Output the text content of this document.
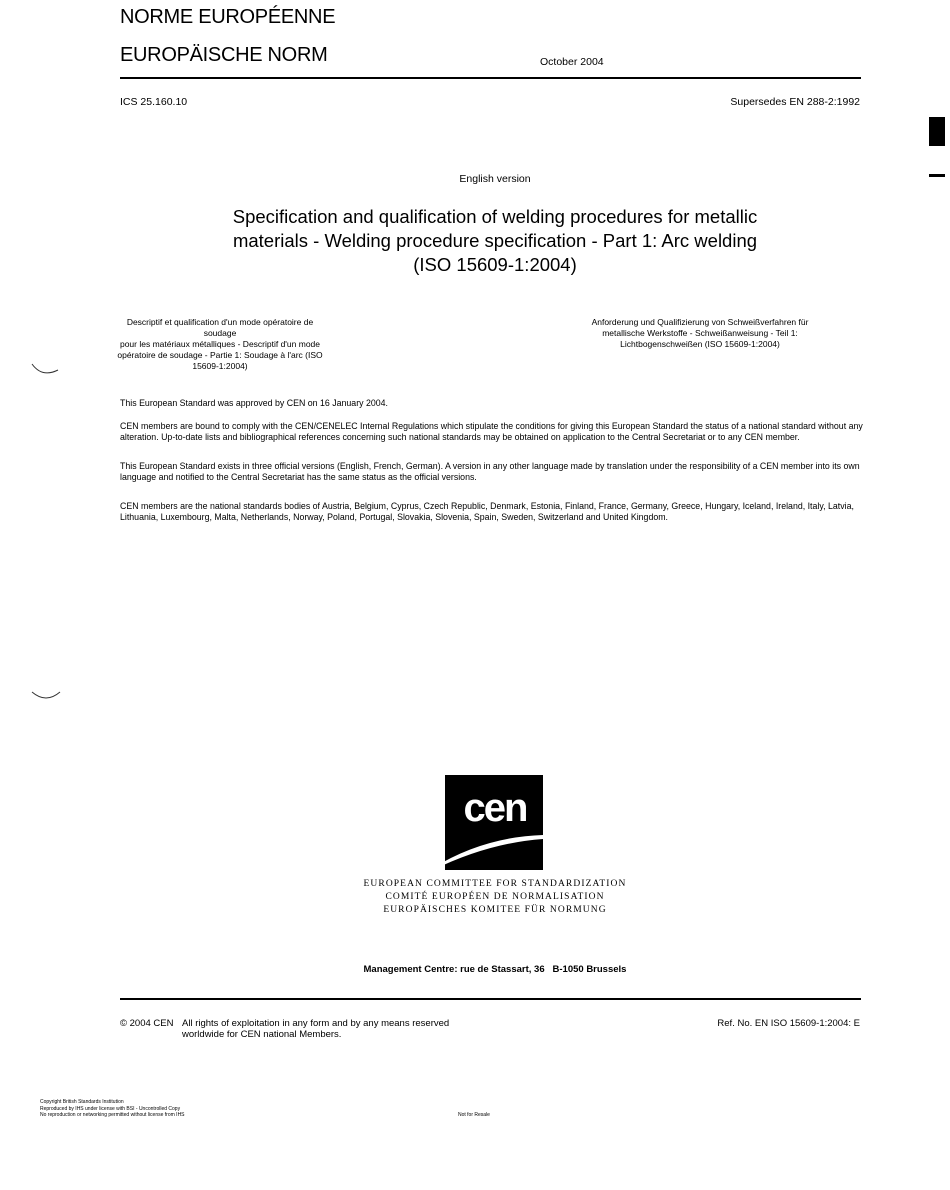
NORME EUROPÉENNE
EUROPÄISCHE NORM	October 2004
ICS 25.160.10	Supersedes EN 288-2:1992
English version
Specification and qualification of welding procedures for metallic
materials - Welding procedure specification - Part 1: Arc welding
(ISO 15609-1:2004)
Descriptif et qualification d'un mode opératoire de soudage
pour les matériaux métalliques - Descriptif d'un mode
opératoire de soudage - Partie 1: Soudage à l'arc (ISO
15609-1:2004)
Anforderung und Qualifizierung von Schweißverfahren für
metallische Werkstoffe - Schweißanweisung - Teil 1:
Lichtbogenschweißen (ISO 15609-1:2004)
This European Standard was approved by CEN on 16 January 2004.
CEN members are bound to comply with the CEN/CENELEC Internal Regulations which stipulate the conditions for giving this European Standard the status of a national standard without any alteration. Up-to-date lists and bibliographical references concerning such national standards may be obtained on application to the Central Secretariat or to any CEN member.
This European Standard exists in three official versions (English, French, German). A version in any other language made by translation under the responsibility of a CEN member into its own language and notified to the Central Secretariat has the same status as the official versions.
CEN members are the national standards bodies of Austria, Belgium, Cyprus, Czech Republic, Denmark, Estonia, Finland, France, Germany, Greece, Hungary, Iceland, Ireland, Italy, Latvia, Lithuania, Luxembourg, Malta, Netherlands, Norway, Poland, Portugal, Slovakia, Slovenia, Spain, Sweden, Switzerland and United Kingdom.
cen
EUROPEAN COMMITTEE FOR STANDARDIZATION
COMITÉ EUROPÉEN DE NORMALISATION
EUROPÄISCHES KOMITEE FÜR NORMUNG
Management Centre: rue de Stassart, 36   B-1050 Brussels
© 2004 CEN All rights of exploitation in any form and by any means reserved
worldwide for CEN national Members.
Ref. No. EN ISO 15609-1:2004: E
Copyright British Standards Institution
Reproduced by IHS under license with BSI - Uncontrolled Copy
No reproduction or networking permitted without license from IHS	Not for Resale
